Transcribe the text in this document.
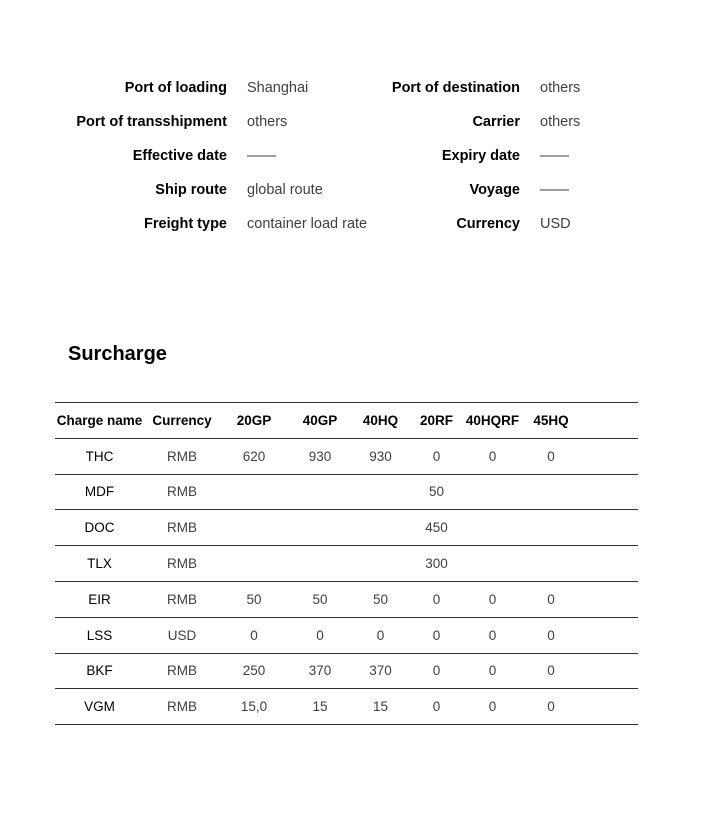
Port of loading Shanghai	Port of destination others
Port of transshipment others	Carrier others
Effective date ——	Expiry date ——
Ship route global route	Voyage ——
Freight type container load rate	Currency USD
Surcharge
Charge name	Currency	20GP	40GP	40HQ	20RF	40HQRF	45HQ	
THC	RMB	620	930	930	0	0	0	
MDF	RMB				50			
DOC	RMB				450			
TLX	RMB				300			
EIR	RMB	50	50	50	0	0	0	
LSS	USD	0	0	0	0	0	0	
BKF	RMB	250	370	370	0	0	0	
VGM	RMB	15,0	15	15	0	0	0	
